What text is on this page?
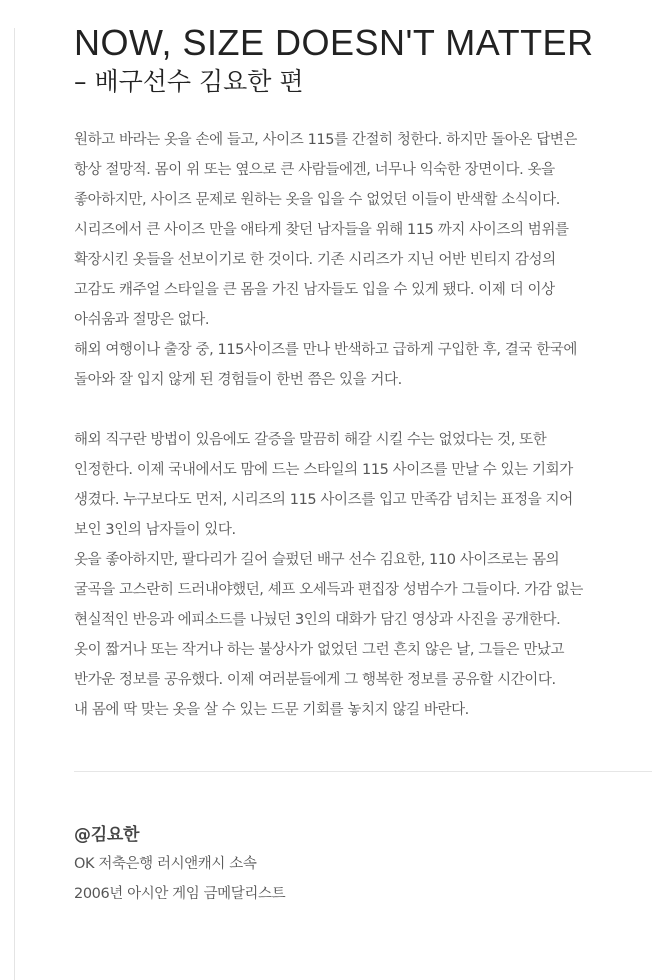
NOW, SIZE DOESN'T MATTER
– 배구선수 김요한 편
원하고 바라는 옷을 손에 들고, 사이즈 115를 간절히 청한다. 하지만 돌아온 답변은
항상 절망적. 몸이 위 또는 옆으로 큰 사람들에겐, 너무나 익숙한 장면이다. 옷을
좋아하지만, 사이즈 문제로 원하는 옷을 입을 수 없었던 이들이 반색할 소식이다.
시리즈에서 큰 사이즈 만을 애타게 찾던 남자들을 위해 115 까지 사이즈의 범위를
확장시킨 옷들을 선보이기로 한 것이다. 기존 시리즈가 지닌 어반 빈티지 감성의
고감도 캐주얼 스타일을 큰 몸을 가진 남자들도 입을 수 있게 됐다. 이제 더 이상
아쉬움과 절망은 없다.
해외 여행이나 출장 중, 115사이즈를 만나 반색하고 급하게 구입한 후, 결국 한국에
돌아와 잘 입지 않게 된 경험들이 한번 쯤은 있을 거다.
해외 직구란 방법이 있음에도 갈증을 말끔히 해갈 시킬 수는 없었다는 것, 또한
인정한다. 이제 국내에서도 맘에 드는 스타일의 115 사이즈를 만날 수 있는 기회가
생겼다. 누구보다도 먼저, 시리즈의 115 사이즈를 입고 만족감 넘치는 표정을 지어
보인 3인의 남자들이 있다.
옷을 좋아하지만, 팔다리가 길어 슬펐던 배구 선수 김요한, 110 사이즈로는 몸의
굴곡을 고스란히 드러내야했던, 셰프 오세득과 편집장 성범수가 그들이다. 가감 없는
현실적인 반응과 에피소드를 나눴던 3인의 대화가 담긴 영상과 사진을 공개한다.
옷이 짧거나 또는 작거나 하는 불상사가 없었던 그런 흔치 않은 날, 그들은 만났고
반가운 정보를 공유했다. 이제 여러분들에게 그 행복한 정보를 공유할 시간이다.
내 몸에 딱 맞는 옷을 살 수 있는 드문 기회를 놓치지 않길 바란다.
@김요한
OK 저축은행 러시앤캐시 소속
2006년 아시안 게임 금메달리스트
